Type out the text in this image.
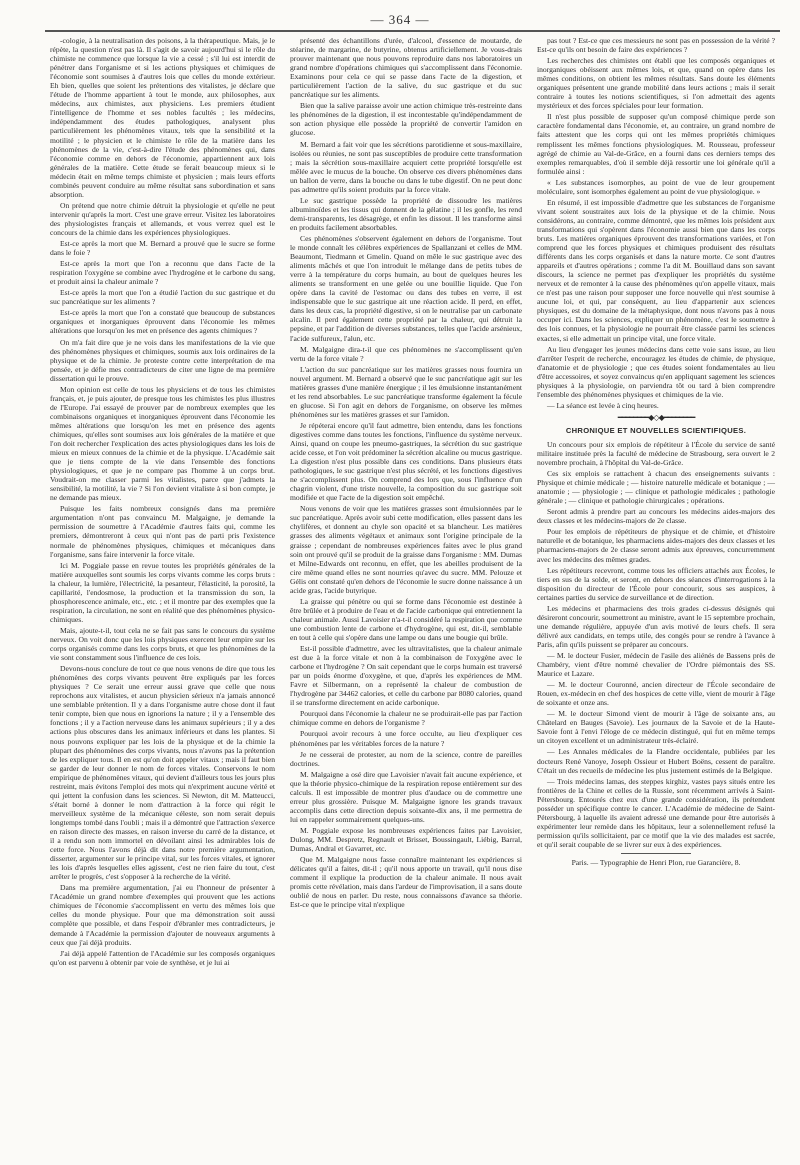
— 364 —

-cologie, à la neutralisation des poisons, à la thérapeutique. Mais, je le répète, la question n'est pas là. Il s'agit de savoir aujourd'hui si le rôle du chimiste ne commence que lorsque la vie a cessé ; s'il lui est interdit de pénétrer dans l'organisme et si les actions physiques et chimiques de l'économie sont soumises à d'autres lois que celles du monde extérieur. Eh bien, quelles que soient les prétentions des vitalistes, je déclare que l'étude de l'homme appartient à tout le monde, aux philosophes, aux médecins, aux chimistes, aux physiciens. Les premiers étudient l'intelligence de l'homme et ses nobles facultés ; les médecins, indépendamment des études pathologiques, analysent plus particulièrement les phénomènes vitaux, tels que la sensibilité et la motilité ; le physicien et le chimiste le rôle de la matière dans les phénomènes de la vie, c'est-à-dire l'étude des phénomènes qui, dans l'économie comme en dehors de l'économie, appartiennent aux lois générales de la matière. Cette étude se ferait beaucoup mieux si le médecin était en même temps chimiste et physicien ; mais leurs efforts combinés peuvent conduire au même résultat sans subordination et sans absorption.

On prétend que notre chimie détruit la physiologie et qu'elle ne peut intervenir qu'après la mort. C'est une grave erreur. Visitez les laboratoires des physiologistes français et allemands, et vous verrez quel est le concours de la chimie dans les expériences physiologiques.

Est-ce après la mort que M. Bernard a prouvé que le sucre se forme dans le foie ?

Est-ce après la mort que l'on a reconnu que dans l'acte de la respiration l'oxygène se combine avec l'hydrogène et le carbone du sang, et produit ainsi la chaleur animale ?

Est-ce après la mort que l'on a étudié l'action du suc gastrique et du suc pancréatique sur les aliments ?

Est-ce après la mort que l'on a constaté que beaucoup de substances organiques et inorganiques éprouvent dans l'économie les mêmes altérations que lorsqu'on les met en présence des agents chimiques ?

On m'a fait dire que je ne vois dans les manifestations de la vie que des phénomènes physiques et chimiques, soumis aux lois ordinaires de la physique et de la chimie. Je proteste contre cette interprétation de ma pensée, et je défie mes contradicteurs de citer une ligne de ma première dissertation qui le prouve.

Mon opinion est celle de tous les physiciens et de tous les chimistes français, et, je puis ajouter, de presque tous les chimistes les plus illustres de l'Europe. J'ai essayé de prouver par de nombreux exemples que les combinaisons organiques et inorganiques éprouvent dans l'économie les mêmes altérations que lorsqu'on les met en présence des agents chimiques, qu'elles sont soumises aux lois générales de la matière et que l'on doit rechercher l'explication des actes physiologiques dans les lois de mieux en mieux connues de la chimie et de la physique. L'Académie sait que je tiens compte de la vie dans l'ensemble des fonctions physiologiques, et que je ne compare pas l'homme à un corps brut. Voudrait-on me classer parmi les vitalistes, parce que j'admets la sensibilité, la motilité, la vie ? Si l'on devient vitaliste à si bon compte, je ne demande pas mieux.

Puisque les faits nombreux consignés dans ma première argumentation n'ont pas convaincu M. Malgaigne, je demande la permission de soumettre à l'Académie d'autres faits qui, comme les premiers, démontreront à ceux qui n'ont pas de parti pris l'existence normale de phénomènes physiques, chimiques et mécaniques dans l'organisme, sans faire intervenir la force vitale.

Ici M. Poggiale passe en revue toutes les propriétés générales de la matière auxquelles sont soumis les corps vivants comme les corps bruts : la chaleur, la lumière, l'électricité, la pesanteur, l'élasticité, la porosité, la capillarité, l'endosmose, la production et la transmission du son, la phosphorescence animale, etc., etc. ; et il montre par des exemples que la respiration, la circulation, ne sont en réalité que des phénomènes physico-chimiques.

Mais, ajoute-t-il, tout cela ne se fait pas sans le concours du système nerveux. On voit donc que les lois physiques exercent leur empire sur les corps organisés comme dans les corps bruts, et que les phénomènes de la vie sont constamment sous l'influence de ces lois.

Devons-nous conclure de tout ce que nous venons de dire que tous les phénomènes des corps vivants peuvent être expliqués par les forces physiques ? Ce serait une erreur aussi grave que celle que nous reprochons aux vitalistes, et aucun physicien sérieux n'a jamais annoncé une semblable prétention. Il y a dans l'organisme autre chose dont il faut tenir compte, bien que nous en ignorions la nature ; il y a l'ensemble des fonctions ; il y a l'action nerveuse dans les animaux supérieurs ; il y a des actions plus obscures dans les animaux inférieurs et dans les plantes. Si nous pouvons expliquer par les lois de la physique et de la chimie la plupart des phénomènes des corps vivants, nous n'avons pas la prétention de les expliquer tous. Il en est qu'on doit appeler vitaux ; mais il faut bien se garder de leur donner le nom de forces vitales. Conservons le nom empirique de phénomènes vitaux, qui devient d'ailleurs tous les jours plus restreint, mais évitons l'emploi des mots qui n'expriment aucune vérité et qui jettent la confusion dans les sciences. Si Newton, dit M. Matteucci, s'était borné à donner le nom d'attraction à la force qui régit le merveilleux système de la mécanique céleste, son nom serait depuis longtemps tombé dans l'oubli ; mais il a démontré que l'attraction s'exerce en raison directe des masses, en raison inverse du carré de la distance, et il a rendu son nom immortel en dévoilant ainsi les admirables lois de cette force. Nous l'avons déjà dit dans notre première argumentation, disserter, argumenter sur le principe vital, sur les forces vitales, et ignorer les lois d'après lesquelles elles agissent, c'est ne rien faire du tout, c'est arrêter le progrès, c'est s'opposer à la recherche de la vérité.

Dans ma première argumentation, j'ai eu l'honneur de présenter à l'Académie un grand nombre d'exemples qui prouvent que les actions chimiques de l'économie s'accomplissent en vertu des mêmes lois que celles du monde physique. Pour que ma démonstration soit aussi complète que possible, et dans l'espoir d'ébranler mes contradicteurs, je demande à l'Académie la permission d'ajouter de nouveaux arguments à ceux que j'ai déjà produits.

J'ai déjà appelé l'attention de l'Académie sur les composés organiques qu'on est parvenu à obtenir par voie de synthèse, et je lui ai

présenté des échantillons d'urée, d'alcool, d'essence de moutarde, de stéarine, de margarine, de butyrine, obtenus artificiellement. Je vous-drais prouver maintenant que nous pouvons reproduire dans nos laboratoires un grand nombre d'opérations chimiques qui s'accomplissent dans l'économie. Examinons pour cela ce qui se passe dans l'acte de la digestion, et particulièrement l'action de la salive, du suc gastrique et du suc pancréatique sur les aliments.

Bien que la salive paraisse avoir une action chimique très-restreinte dans les phénomènes de la digestion, il est incontestable qu'indépendamment de son action physique elle possède la propriété de convertir l'amidon en glucose.

M. Bernard a fait voir que les sécrétions parotidienne et sous-maxillaire, isolées ou réunies, ne sont pas susceptibles de produire cette transformation ; mais la sécrétion sous-maxillaire acquiert cette propriété lorsqu'elle est mêlée avec le mucus de la bouche. On observe ces divers phénomènes dans un ballon de verre, dans la bouche ou dans le tube digestif. On ne peut donc pas admettre qu'ils soient produits par la force vitale.

Le suc gastrique possède la propriété de dissoudre les matières albuminoïdes et les tissus qui donnent de la gélatine ; il les gonfle, les rend demi-transparents, les désagrège, et enfin les dissout. Il les transforme ainsi en produits facilement absorbables.

Ces phénomènes s'observent également en dehors de l'organisme. Tout le monde connaît les célèbres expériences de Spallanzani et celles de MM. Beaumont, Tiedmann et Gmelin. Quand on mêle le suc gastrique avec des aliments mâchés et que l'on introduit le mélange dans de petits tubes de verre à la température du corps humain, au bout de quelques heures les aliments se transforment en une gelée ou une bouillie liquide. Que l'on opère dans la cavité de l'estomac ou dans des tubes en verre, il est indispensable que le suc gastrique ait une réaction acide. Il perd, en effet, dans les deux cas, la propriété digestive, si on le neutralise par un carbonate alcalin. Il perd également cette propriété par la chaleur, qui détruit la pepsine, et par l'addition de diverses substances, telles que l'acide arsénieux, l'acide sulfureux, l'alun, etc.

M. Malgaigne dira-t-il que ces phénomènes ne s'accomplissent qu'en vertu de la force vitale ?

L'action du suc pancréatique sur les matières grasses nous fournira un nouvel argument. M. Bernard a observé que le suc pancréatique agit sur les matières grasses d'une manière énergique ; il les émulsionne instantanément et les rend absorbables. Le suc pancréatique transforme également la fécule en glucose. Si l'on agit en dehors de l'organisme, on observe les mêmes phénomènes sur les matières grasses et sur l'amidon.

Je répéterai encore qu'il faut admettre, bien entendu, dans les fonctions digestives comme dans toutes les fonctions, l'influence du système nerveux. Ainsi, quand on coupe les pneumo-gastriques, la sécrétion du suc gastrique acide cesse, et l'on voit prédominer la sécrétion alcaline ou mucus gastrique. La digestion n'est plus possible dans ces conditions. Dans plusieurs états pathologiques, le suc gastrique n'est plus sécrété, et les fonctions digestives ne s'accomplissent plus. On comprend des lors que, sous l'influence d'un chagrin violent, d'une triste nouvelle, la composition du suc gastrique soit modifiée et que l'acte de la digestion soit empêché.

Nous venons de voir que les matières grasses sont émulsionnées par le suc pancréatique. Après avoir subi cette modification, elles passent dans les chylifères, et donnent au chyle son opacité et sa blancheur. Les matières grasses des aliments végétaux et animaux sont l'origine principale de la graisse ; cependant de nombreuses expériences faites avec le plus grand soin ont prouvé qu'il se produit de la graisse dans l'organisme : MM. Dumas et Milne-Edwards ont reconnu, en effet, que les abeilles produisent de la cire même quand elles ne sont nourries qu'avec du sucre. MM. Pelouze et Gélis ont constaté qu'en dehors de l'économie le sucre donne naissance à un acide gras, l'acide butyrique.

La graisse qui pénètre ou qui se forme dans l'économie est destinée à être brûlée et à produire de l'eau et de l'acide carbonique qui entretiennent la chaleur animale. Aussi Lavoisier n'a-t-il considéré la respiration que comme une combustion lente de carbone et d'hydrogène, qui est, dit-il, semblable en tout à celle qui s'opère dans une lampe ou dans une bougie qui brûle.

Est-il possible d'admettre, avec les ultravitalistes, que la chaleur animale est due à la force vitale et non à la combinaison de l'oxygène avec le carbone et l'hydrogène ? On sait cependant que le corps humain est traversé par un poids énorme d'oxygène, et que, d'après les expériences de MM. Favre et Silbermann, on a représenté la chaleur de combustion de l'hydrogène par 34462 calories, et celle du carbone par 8080 calories, quand il se transforme directement en acide carbonique.

Pourquoi dans l'économie la chaleur ne se produirait-elle pas par l'action chimique comme en dehors de l'organisme ?

Pourquoi avoir recours à une force occulte, au lieu d'expliquer ces phénomènes par les véritables forces de la nature ?

Je ne cesserai de protester, au nom de la science, contre de pareilles doctrines.

M. Malgaigne a osé dire que Lavoisier n'avait fait aucune expérience, et que la théorie physico-chimique de la respiration repose entièrement sur des calculs. Il est impossible de montrer plus d'audace ou de commettre une erreur plus grossière. Puisque M. Malgaigne ignore les grands travaux accomplis dans cette direction depuis soixante-dix ans, il me permettra de lui en rappeler sommairement quelques-uns.

M. Poggiale expose les nombreuses expériences faites par Lavoisier, Dulong, MM. Despretz, Regnault et Brisset, Boussingault, Liébig, Barral, Dumas, Andral et Gavarret, etc.

Que M. Malgaigne nous fasse connaître maintenant les expériences si délicates qu'il a faites, dit-il ; qu'il nous apporte un travail, qu'il nous dise comment il explique la production de la chaleur animale. Il nous avait promis cette révélation, mais dans l'ardeur de l'improvisation, il a sans doute oublié de nous en parler. Du reste, nous connaissons d'avance sa théorie. Est-ce que le principe vital n'explique

pas tout ? Est-ce que ces messieurs ne sont pas en possession de la vérité ? Est-ce qu'ils ont besoin de faire des expériences ?

Les recherches des chimistes ont établi que les composés organiques et inorganiques obéissent aux mêmes lois, et que, quand on opère dans les mêmes conditions, on obtient les mêmes résultats. Sans doute les éléments organiques présentent une grande mobilité dans leurs actions ; mais il serait contraire à toutes les notions scientifiques, si l'on admettait des agents mystérieux et des forces spéciales pour leur formation.

Il n'est plus possible de supposer qu'un composé chimique perde son caractère fondamental dans l'économie, et, au contraire, un grand nombre de faits attestent que les corps qui ont les mêmes propriétés chimiques remplissent les mêmes fonctions physiologiques. M. Rousseau, professeur agrégé de chimie au Val-de-Grâce, en a fourni dans ces derniers temps des exemples remarquables, d'où il semble déjà ressortir une loi générale qu'il a formulée ainsi :

« Les substances isomorphes, au point de vue de leur groupement moléculaire, sont isomorphes également au point de vue physiologique. »

En résumé, il est impossible d'admettre que les substances de l'organisme vivant soient soustraites aux lois de la physique et de la chimie. Nous considérons, au contraire, comme démontré, que les mêmes lois président aux transformations qui s'opèrent dans l'économie aussi bien que dans les corps bruts. Les matières organiques éprouvent des transformations variées, et l'on comprend que les forces physiques et chimiques produisent des résultats différents dans les corps organisés et dans la nature morte. Ce sont d'autres appareils et d'autres opérations ; comme l'a dit M. Bouillaud dans son savant discours, la science ne permet pas d'expliquer les propriétés du système nerveux et de remonter à la cause des phénomènes qu'on appelle vitaux, mais ce n'est pas une raison pour supposer une force nouvelle qui n'est soumise à aucune loi, et qui, par conséquent, au lieu d'appartenir aux sciences physiques, est du domaine de la métaphysique, dont nous n'avons pas à nous occuper ici. Dans les sciences, expliquer un phénomène, c'est le soumettre à des lois connues, et la physiologie ne pourrait être classée parmi les sciences exactes, si elle admettait un principe vital, une force vitale.

Au lieu d'engager les jeunes médecins dans cette voie sans issue, au lieu d'arrêter l'esprit de recherche, encouragez les études de chimie, de physique, d'anatomie et de physiologie ; que ces études soient fondamentales au lieu d'être accessoires, et soyez convaincus qu'en appliquant sagement les sciences physiques à la physiologie, on parviendra tôt ou tard à bien comprendre l'ensemble des phénomènes physiques et chimiques de la vie.

— La séance est levée à cinq heures.

━━━━━━━━◆◇◆━━━━━━━━
CHRONIQUE ET NOUVELLES SCIENTIFIQUES.

Un concours pour six emplois de répétiteur à l'École du service de santé militaire instituée près la faculté de médecine de Strasbourg, sera ouvert le 2 novembre prochain, à l'hôpital du Val-de-Grâce.

Ces six emplois se rattachent à chacun des enseignements suivants : Physique et chimie médicale ; — histoire naturelle médicale et botanique ; — anatomie ; — physiologie ; — clinique et pathologie médicales ; pathologie générale ; — clinique et pathologie chirurgicales ; opérations.

Seront admis à prendre part au concours les médecins aides-majors des deux classes et les médecins-majors de 2e classe.

Pour les emplois de répétiteurs de physique et de chimie, et d'histoire naturelle et de botanique, les pharmaciens aides-majors des deux classes et les pharmaciens-majors de 2e classe seront admis aux épreuves, concurremment avec les médecins des mêmes grades.

Les répétiteurs recevront, comme tous les officiers attachés aux Écoles, le tiers en sus de la solde, et seront, en dehors des séances d'interrogations à la disposition du directeur de l'École pour concourir, sous ses auspices, à certaines parties du service de surveillance et de direction.

Les médecins et pharmaciens des trois grades ci-dessus désignés qui désireront concourir, soumettront au ministre, avant le 15 septembre prochain, une demande régulière, appuyée d'un avis motivé de leurs chefs. Il sera délivré aux candidats, en temps utile, des congés pour se rendre à l'avance à Paris, afin qu'ils puissent se préparer au concours.

— M. le docteur Fusier, médecin de l'asile des aliénés de Bassens près de Chambéry, vient d'être nommé chevalier de l'Ordre piémontais des SS. Maurice et Lazare.

— M. le docteur Couronné, ancien directeur de l'École secondaire de Rouen, ex-médecin en chef des hospices de cette ville, vient de mourir à l'âge de soixante et onze ans.

— M. le docteur Simond vient de mourir à l'âge de soixante ans, au Châtelard en Bauges (Savoie). Les journaux de la Savoie et de la Haute-Savoie font à l'envi l'éloge de ce médecin distingué, qui fut en même temps un citoyen excellent et un administrateur très-éclairé.

— Les Annales médicales de la Flandre occidentale, publiées par les docteurs René Vanoye, Joseph Ossieur et Hubert Boëns, cessent de paraître. C'était un des recueils de médecine les plus justement estimés de la Belgique.

— Trois médecins lamas, des steppes kirghiz, vastes pays situés entre les frontières de la Chine et celles de la Russie, sont récemment arrivés à Saint-Pétersbourg. Entourés chez eux d'une grande considération, ils prétendent posséder un spécifique contre le cancer. L'Académie de médecine de Saint-Pétersbourg, à laquelle ils avaient adressé une demande pour être autorisés à expérimenter leur remède dans les hôpitaux, leur a solennellement refusé la permission qu'ils sollicitaient, par ce motif que la vie des malades est sacrée, et qu'il serait coupable de se livrer sur eux à des expériences.

Paris. — Typographie de Henri Plon, rue Garancière, 8.
